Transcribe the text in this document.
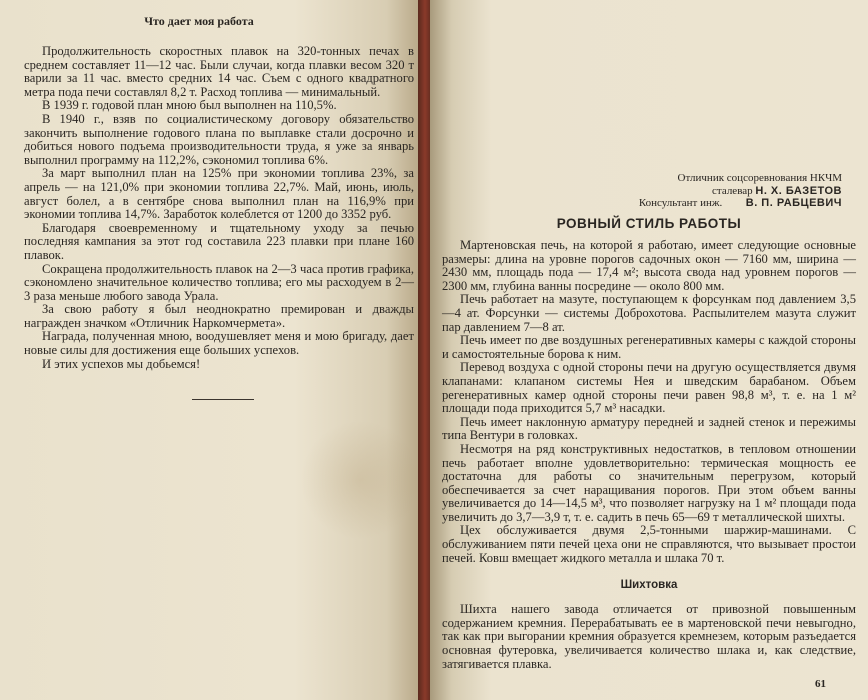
Что дает моя работа

Продолжительность скоростных плавок на 320-тонных печах в среднем составляет 11—12 час. Были случаи, когда плавки весом 320 т варили за 11 час. вместо средних 14 час. Съем с одного квадратного метра пода печи составлял 8,2 т. Расход топлива — минимальный.

В 1939 г. годовой план мною был выполнен на 110,5%.

В 1940 г., взяв по социалистическому договору обязательство закончить выполнение годового плана по выплавке стали досрочно и добиться нового подъема производительности труда, я уже за январь выполнил программу на 112,2%, сэкономил топлива 6%.

За март выполнил план на 125% при экономии топлива 23%, за апрель — на 121,0% при экономии топлива 22,7%. Май, июнь, июль, август болел, а в сентябре снова выполнил план на 116,9% при экономии топлива 14,7%. Заработок колеблется от 1200 до 3352 руб.

Благодаря своевременному и тщательному уходу за печью последняя кампания за этот год составила 223 плавки при плане 160 плавок.

Сокращена продолжительность плавок на 2—3 часа против графика, сэкономлено значительное количество топлива; его мы расходуем в 2—3 раза меньше любого завода Урала.

За свою работу я был неоднократно премирован и дважды награжден значком «Отличник Наркомчермета».

Награда, полученная мною, воодушевляет меня и мою бригаду, дает новые силы для достижения еще больших успехов.

И этих успехов мы добьемся!

Отличник соцсоревнования НКЧМ
сталевар Н. Х. БАЗЕТОВ
Консультант инж. В. П. РАБЦЕВИЧ
РОВНЫЙ СТИЛЬ РАБОТЫ

Мартеновская печь, на которой я работаю, имеет следующие основные размеры: длина на уровне порогов садочных окон — 7160 мм, ширина — 2430 мм, площадь пода — 17,4 м²; высота свода над уровнем порогов — 2300 мм, глубина ванны посредине — около 800 мм.

Печь работает на мазуте, поступающем к форсункам под давлением 3,5—4 ат. Форсунки — системы Доброхотова. Распылителем мазута служит пар давлением 7—8 ат.

Печь имеет по две воздушных регенеративных камеры с каждой стороны и самостоятельные борова к ним.

Перевод воздуха с одной стороны печи на другую осуществляется двумя клапанами: клапаном системы Нея и шведским барабаном. Объем регенеративных камер одной стороны печи равен 98,8 м³, т. е. на 1 м² площади пода приходится 5,7 м³ насадки.

Печь имеет наклонную арматуру передней и задней стенок и пережимы типа Вентури в головках.

Несмотря на ряд конструктивных недостатков, в тепловом отношении печь работает вполне удовлетворительно: термическая мощность ее достаточна для работы со значительным перегрузом, который обеспечивается за счет наращивания порогов. При этом объем ванны увеличивается до 14—14,5 м³, что позволяет нагрузку на 1 м² площади пода увеличить до 3,7—3,9 т, т. е. садить в печь 65—69 т металлической шихты.

Цех обслуживается двумя 2,5-тонными шаржир-машинами. С обслуживанием пяти печей цеха они не справляются, что вызывает простои печей. Ковш вмещает жидкого металла и шлака 70 т.

Шихтовка

Шихта нашего завода отличается от привозной повышенным содержанием кремния. Перерабатывать ее в мартеновской печи невыгодно, так как при выгорании кремния образуется кремнезем, которым разъедается основная футеровка, увеличивается количество шлака и, как следствие, затягивается плавка.

61
